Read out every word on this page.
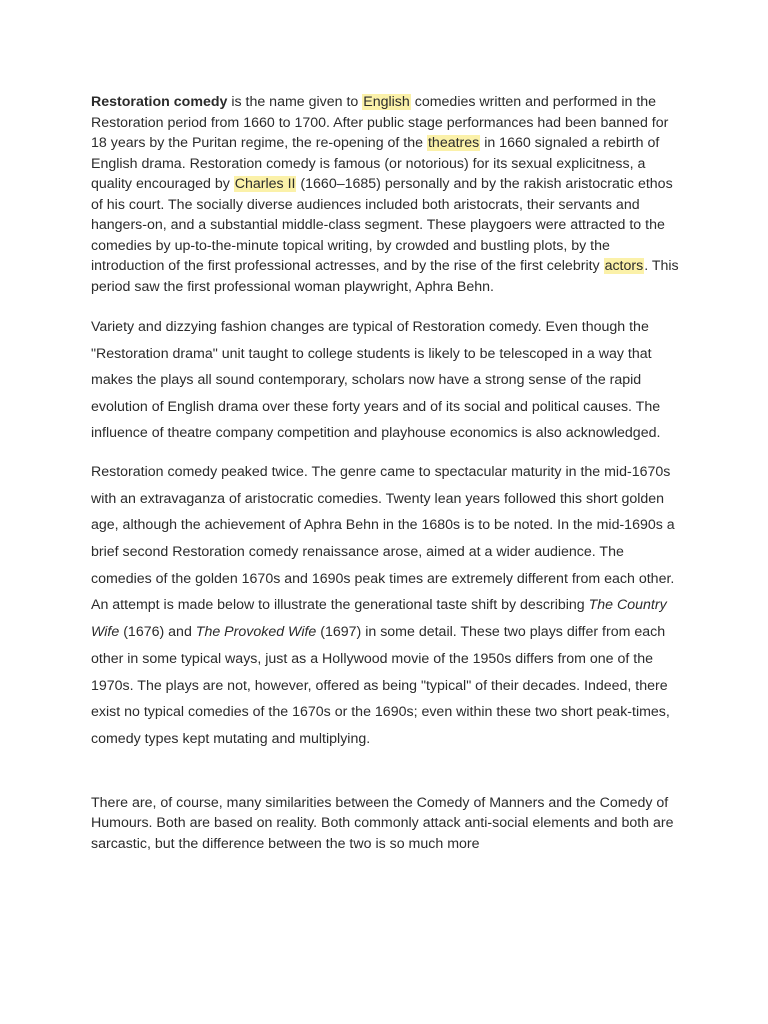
Restoration comedy is the name given to English comedies written and performed in the Restoration period from 1660 to 1700. After public stage performances had been banned for 18 years by the Puritan regime, the re-opening of the theatres in 1660 signaled a rebirth of English drama. Restoration comedy is famous (or notorious) for its sexual explicitness, a quality encouraged by Charles II (1660–1685) personally and by the rakish aristocratic ethos of his court. The socially diverse audiences included both aristocrats, their servants and hangers-on, and a substantial middle-class segment. These playgoers were attracted to the comedies by up-to-the-minute topical writing, by crowded and bustling plots, by the introduction of the first professional actresses, and by the rise of the first celebrity actors. This period saw the first professional woman playwright, Aphra Behn.

Variety and dizzying fashion changes are typical of Restoration comedy. Even though the "Restoration drama" unit taught to college students is likely to be telescoped in a way that makes the plays all sound contemporary, scholars now have a strong sense of the rapid evolution of English drama over these forty years and of its social and political causes. The influence of theatre company competition and playhouse economics is also acknowledged.

Restoration comedy peaked twice. The genre came to spectacular maturity in the mid-1670s with an extravaganza of aristocratic comedies. Twenty lean years followed this short golden age, although the achievement of Aphra Behn in the 1680s is to be noted. In the mid-1690s a brief second Restoration comedy renaissance arose, aimed at a wider audience. The comedies of the golden 1670s and 1690s peak times are extremely different from each other. An attempt is made below to illustrate the generational taste shift by describing The Country Wife (1676) and The Provoked Wife (1697) in some detail. These two plays differ from each other in some typical ways, just as a Hollywood movie of the 1950s differs from one of the 1970s. The plays are not, however, offered as being "typical" of their decades. Indeed, there exist no typical comedies of the 1670s or the 1690s; even within these two short peak-times, comedy types kept mutating and multiplying.

There are, of course, many similarities between the Comedy of Manners and the Comedy of Humours. Both are based on reality. Both commonly attack anti-social elements and both are sarcastic, but the difference between the two is so much more
